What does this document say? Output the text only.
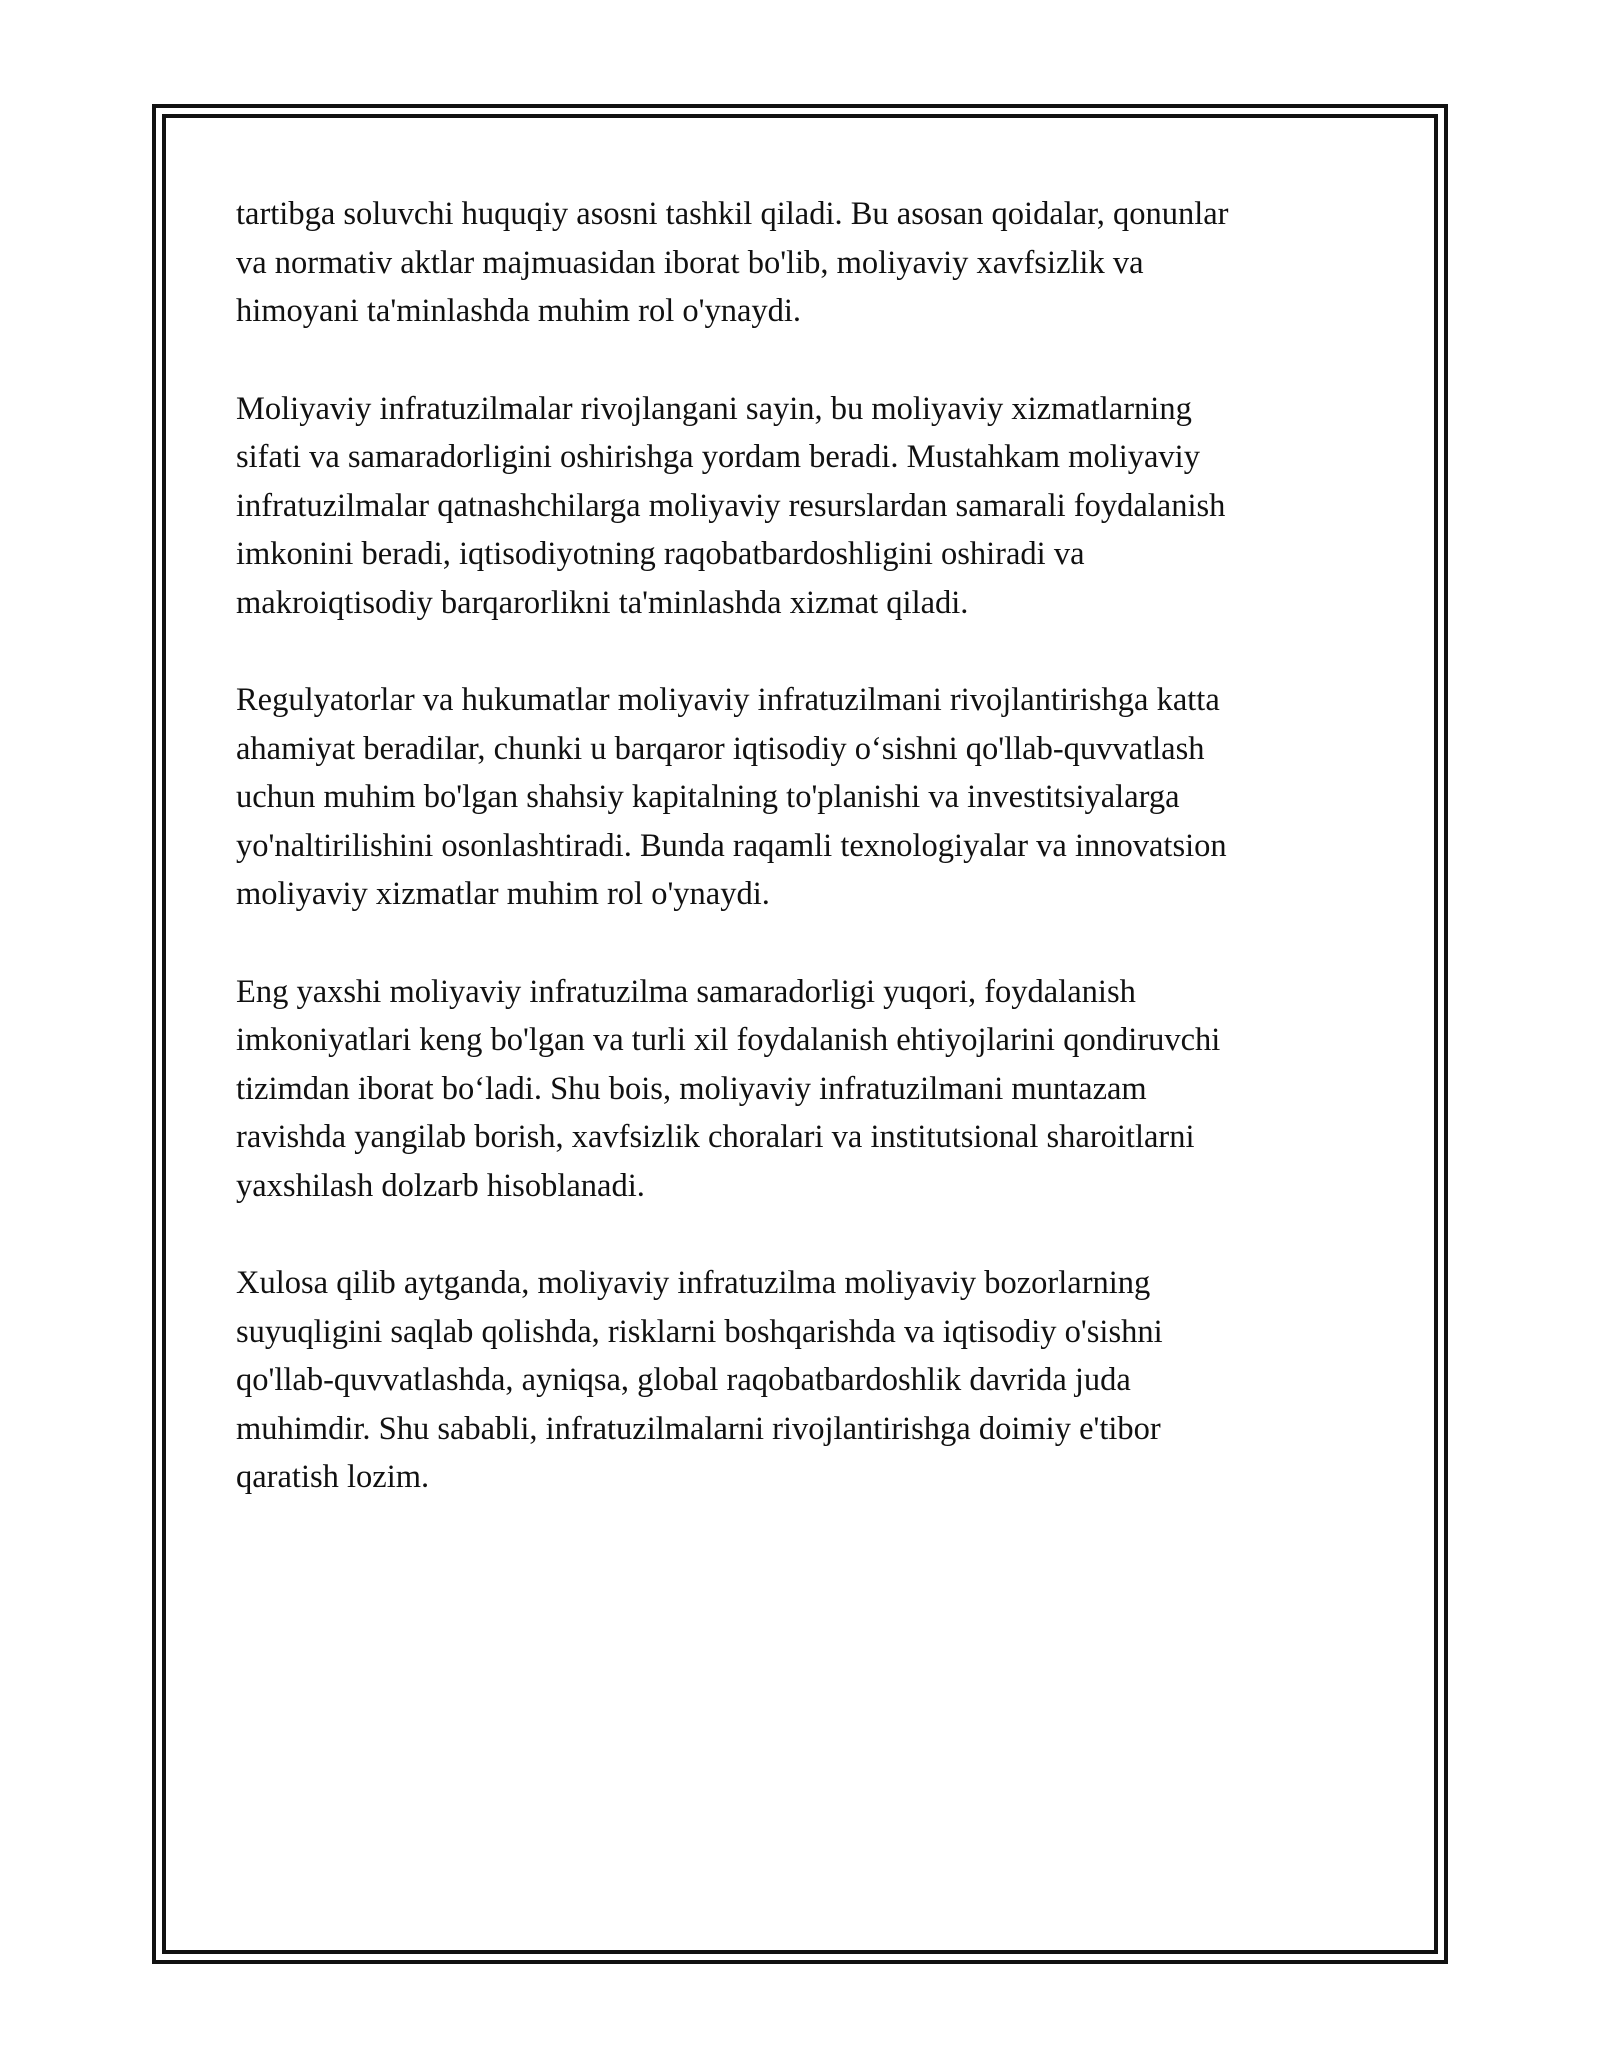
tartibga soluvchi huquqiy asosni tashkil qiladi. Bu asosan qoidalar, qonunlar
va normativ aktlar majmuasidan iborat bo'lib, moliyaviy xavfsizlik va
himoyani ta'minlashda muhim rol o'ynaydi.

Moliyaviy infratuzilmalar rivojlangani sayin, bu moliyaviy xizmatlarning
sifati va samaradorligini oshirishga yordam beradi. Mustahkam moliyaviy
infratuzilmalar qatnashchilarga moliyaviy resurslardan samarali foydalanish
imkonini beradi, iqtisodiyotning raqobatbardoshligini oshiradi va
makroiqtisodiy barqarorlikni ta'minlashda xizmat qiladi.

Regulyatorlar va hukumatlar moliyaviy infratuzilmani rivojlantirishga katta
ahamiyat beradilar, chunki u barqaror iqtisodiy o‘sishni qo'llab-quvvatlash
uchun muhim bo'lgan shahsiy kapitalning to'planishi va investitsiyalarga
yo'naltirilishini osonlashtiradi. Bunda raqamli texnologiyalar va innovatsion
moliyaviy xizmatlar muhim rol o'ynaydi.

Eng yaxshi moliyaviy infratuzilma samaradorligi yuqori, foydalanish
imkoniyatlari keng bo'lgan va turli xil foydalanish ehtiyojlarini qondiruvchi
tizimdan iborat bo‘ladi. Shu bois, moliyaviy infratuzilmani muntazam
ravishda yangilab borish, xavfsizlik choralari va institutsional sharoitlarni
yaxshilash dolzarb hisoblanadi.

Xulosa qilib aytganda, moliyaviy infratuzilma moliyaviy bozorlarning
suyuqligini saqlab qolishda, risklarni boshqarishda va iqtisodiy o'sishni
qo'llab-quvvatlashda, ayniqsa, global raqobatbardoshlik davrida juda
muhimdir. Shu sababli, infratuzilmalarni rivojlantirishga doimiy e'tibor
qaratish lozim.
